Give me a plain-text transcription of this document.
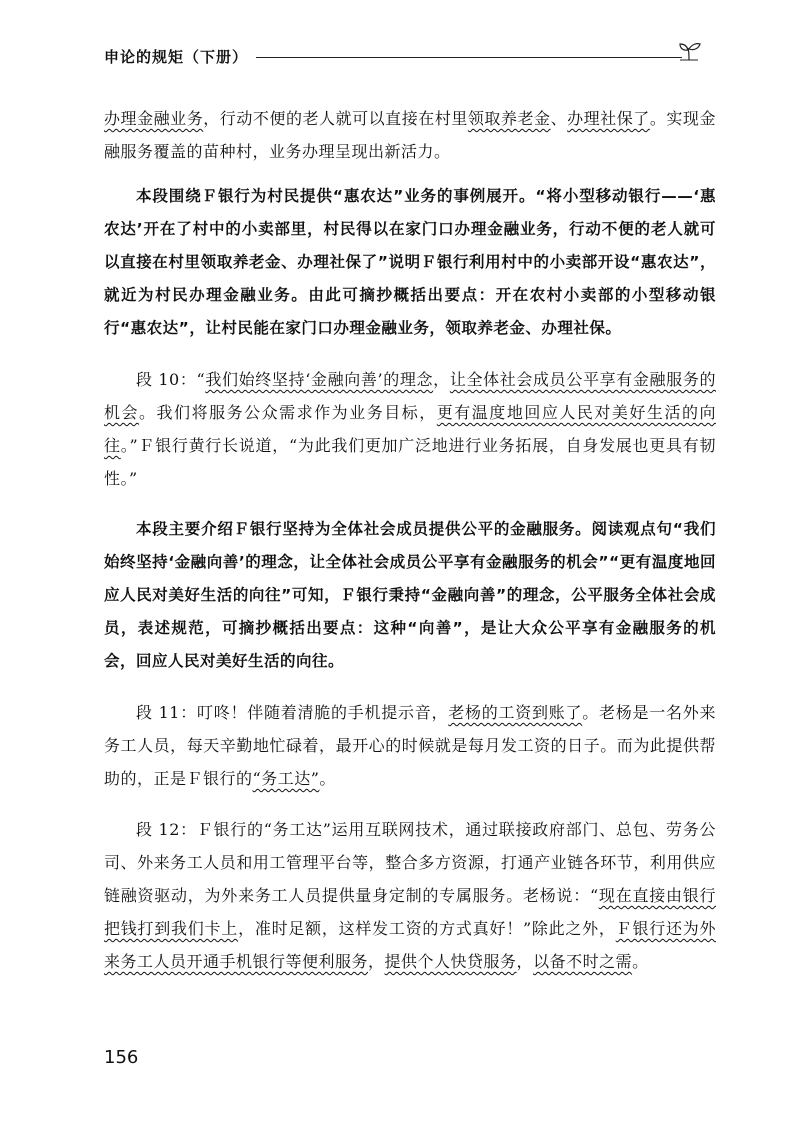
申论的规矩（下册）

办理金融业务，行动不便的老人就可以直接在村里领取养老金、办理社保了。实现金融服务覆盖的苗种村，业务办理呈现出新活力。

本段围绕Ｆ银行为村民提供“惠农达”业务的事例展开。“将小型移动银行——‘惠农达’开在了村中的小卖部里，村民得以在家门口办理金融业务，行动不便的老人就可以直接在村里领取养老金、办理社保了”说明Ｆ银行利用村中的小卖部开设“惠农达”，就近为村民办理金融业务。由此可摘抄概括出要点：开在农村小卖部的小型移动银行“惠农达”，让村民能在家门口办理金融业务，领取养老金、办理社保。

段 10：“我们始终坚持‘金融向善’的理念，让全体社会成员公平享有金融服务的机会。我们将服务公众需求作为业务目标，更有温度地回应人民对美好生活的向往。”Ｆ银行黄行长说道，“为此我们更加广泛地进行业务拓展，自身发展也更具有韧性。”

本段主要介绍Ｆ银行坚持为全体社会成员提供公平的金融服务。阅读观点句“我们始终坚持‘金融向善’的理念，让全体社会成员公平享有金融服务的机会”“更有温度地回应人民对美好生活的向往”可知，Ｆ银行秉持“金融向善”的理念，公平服务全体社会成员，表述规范，可摘抄概括出要点：这种“向善”，是让大众公平享有金融服务的机会，回应人民对美好生活的向往。

段 11：叮咚！伴随着清脆的手机提示音，老杨的工资到账了。老杨是一名外来务工人员，每天辛勤地忙碌着，最开心的时候就是每月发工资的日子。而为此提供帮助的，正是Ｆ银行的“务工达”。

段 12：Ｆ银行的“务工达”运用互联网技术，通过联接政府部门、总包、劳务公司、外来务工人员和用工管理平台等，整合多方资源，打通产业链各环节，利用供应链融资驱动，为外来务工人员提供量身定制的专属服务。老杨说：“现在直接由银行把钱打到我们卡上，准时足额，这样发工资的方式真好！”除此之外，Ｆ银行还为外来务工人员开通手机银行等便利服务，提供个人快贷服务，以备不时之需。

156
